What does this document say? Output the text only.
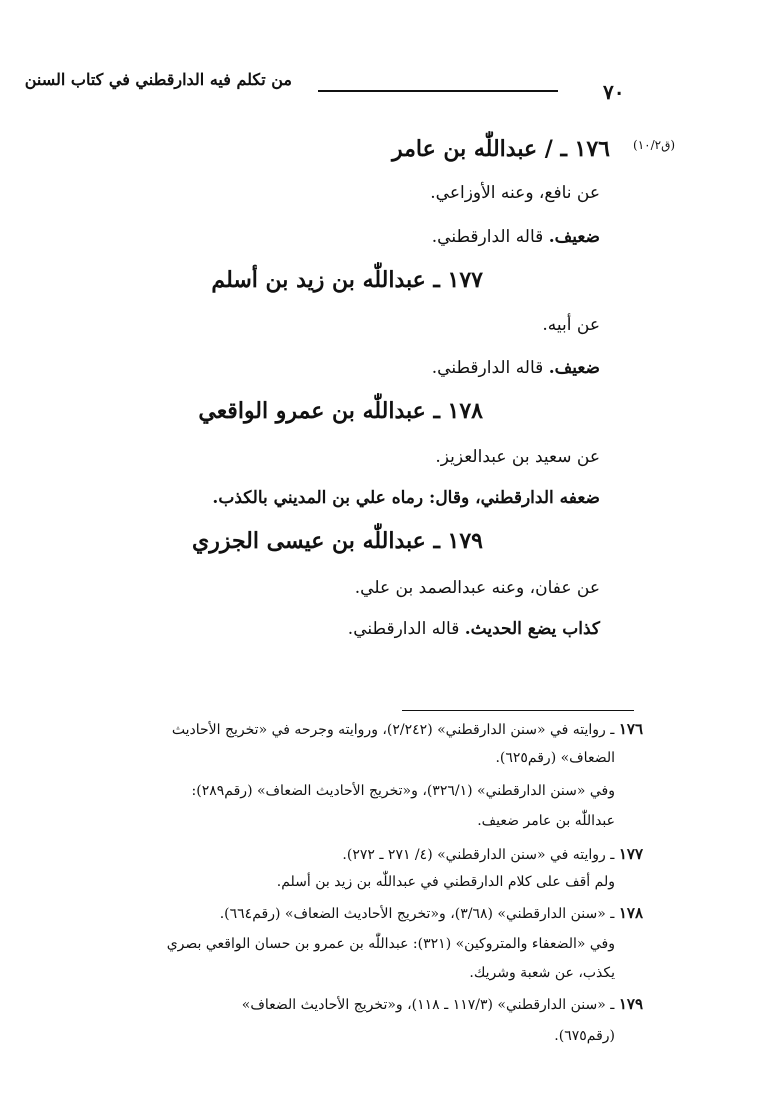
من تكلم فيه الدارقطني في كتاب السنن
٧٠
(ق١٠/٢)
١٧٦ ـ / عبداللّٰه بن عامر
عن نافع، وعنه الأوزاعي.
ضعيف. قاله الدارقطني.
١٧٧ ـ عبداللّٰه بن زيد بن أسلم
عن أبيه.
ضعيف. قاله الدارقطني.
١٧٨ ـ عبداللّٰه بن عمرو الواقعي
عن سعيد بن عبدالعزيز.
ضعفه الدارقطني، وقال: رماه علي بن المديني بالكذب.
١٧٩ ـ عبداللّٰه بن عيسى الجزري
عن عفان، وعنه عبدالصمد بن علي.
كذاب يضع الحديث. قاله الدارقطني.
١٧٦ ـ روايته في «سنن الدارقطني» (٢/٢٤٢)، وروايته وجرحه في «تخريج الأحاديث
الضعاف» (رقم٦٢٥).
وفي «سنن الدارقطني» (٣٢٦/١)، و«تخريج الأحاديث الضعاف» (رقم٢٨٩):
عبداللّٰه بن عامر ضعيف.
١٧٧ ـ روايته في «سنن الدارقطني» (٤/ ٢٧١ ـ ٢٧٢).
ولم أقف على كلام الدارقطني في عبداللّٰه بن زيد بن أسلم.
١٧٨ ـ «سنن الدارقطني» (٣/٦٨)، و«تخريج الأحاديث الضعاف» (رقم٦٦٤).
وفي «الضعفاء والمتروكين» (٣٢١): عبداللّٰه بن عمرو بن حسان الواقعي بصري
يكذب، عن شعبة وشريك.
١٧٩ ـ «سنن الدارقطني» (١١٧/٣ ـ ١١٨)، و«تخريج الأحاديث الضعاف»
(رقم٦٧٥).
